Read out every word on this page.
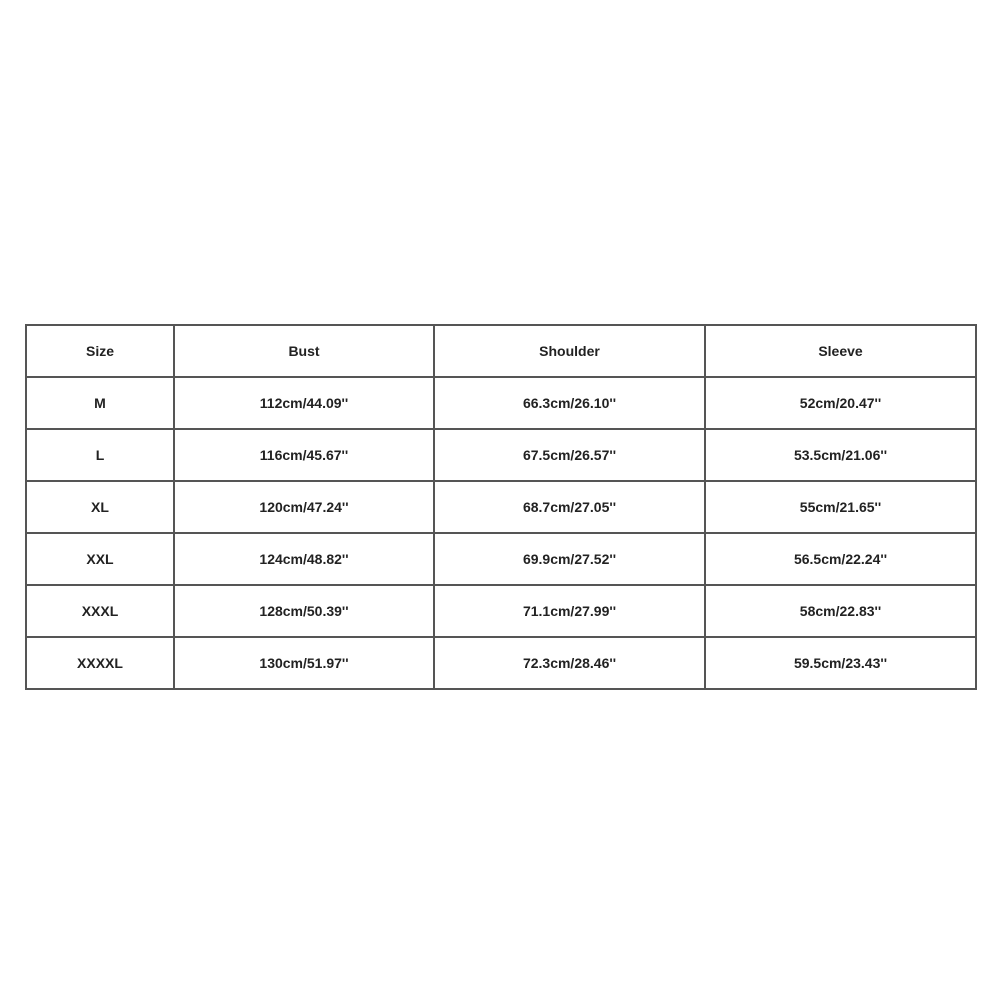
Size	Bust	Shoulder	Sleeve
M	112cm/44.09''	66.3cm/26.10''	52cm/20.47''
L	116cm/45.67''	67.5cm/26.57''	53.5cm/21.06''
XL	120cm/47.24''	68.7cm/27.05''	55cm/21.65''
XXL	124cm/48.82''	69.9cm/27.52''	56.5cm/22.24''
XXXL	128cm/50.39''	71.1cm/27.99''	58cm/22.83''
XXXXL	130cm/51.97''	72.3cm/28.46''	59.5cm/23.43''
